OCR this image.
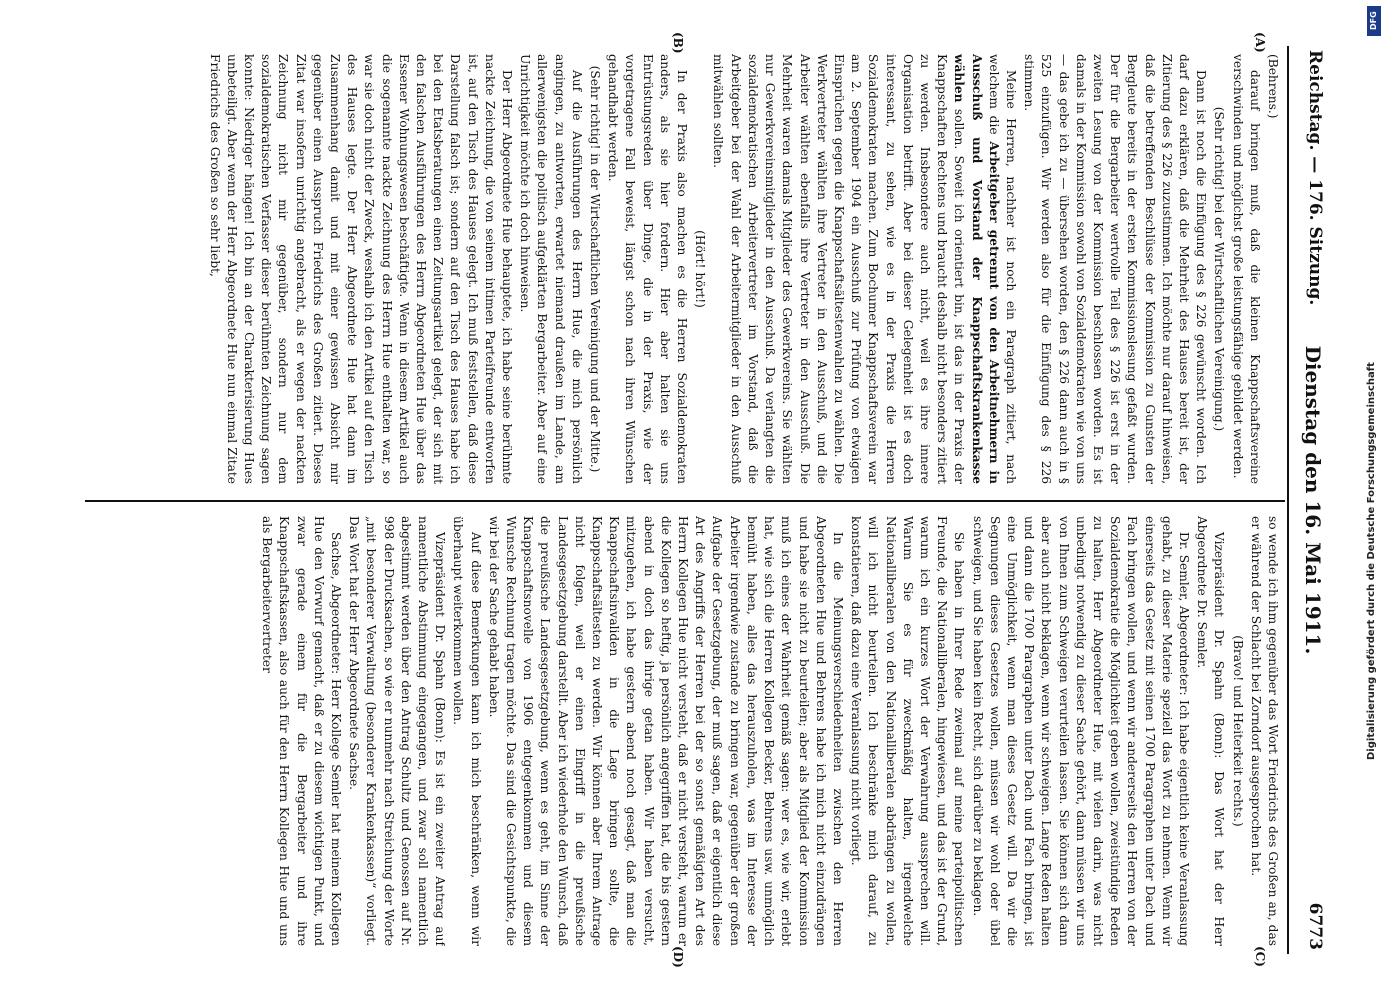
Reichstag. — 176. Sitzung.
Dienstag den 16. Mai 1911.
6773
(A)
(B)
(C)
(D)

(Behrens.)

darauf bringen muß, daß die kleinen Knappschaftsvereine verschwinden und möglichst große leistungsfähige gebildet werden.

(Sehr richtig! bei der Wirtschaftlichen Vereinigung.)

Dann ist noch die Einfügung des § 226 gewünscht worden. Ich darf dazu erklären, daß die Mehrheit des Hauses bereit ist, der Zitierung des § 226 zuzustimmen. Ich möchte nur darauf hinweisen, daß die betreffenden Beschlüsse der Kommission zu Gunsten der Bergleute bereits in der ersten Kommissionslesung gefaßt wurden. Der für die Bergarbeiter wertvolle Teil des § 226 ist erst in der zweiten Lesung von der Kommission beschlossen worden. Es ist damals in der Kommission sowohl von Sozialdemokraten wie von uns — das gebe ich zu — übersehen worden, den § 226 dann auch in § 525 einzufügen. Wir werden also für die Einfügung des § 226 stimmen.

Meine Herren, nachher ist noch ein Paragraph zitiert, nach welchem die Arbeitgeber getrennt von den Arbeitnehmern in Ausschuß und Vorstand der Knappschaftskrankenkasse wählen sollen. Soweit ich orientiert bin, ist das in der Praxis der Knappschaften Rechtens und braucht deshalb nicht besonders zitiert zu werden. Insbesondere auch nicht, weil es ihre innere Organisation betrifft. Aber bei dieser Gelegenheit ist es doch interessant, zu sehen, wie es in der Praxis die Herren Sozialdemokraten machen. Zum Bochumer Knappschaftsverein war am 2. September 1904 ein Ausschuß zur Prüfung von etwaigen Einsprüchen gegen die Knappschaftsältestenwahlen zu wählen. Die Werkvertreter wählten ihre Vertreter in den Ausschuß, und die Arbeiter wählten ebenfalls ihre Vertreter in den Ausschuß. Die Mehrheit waren damals Mitglieder des Gewerkvereins. Sie wählten nur Gewerkvereinsmitglieder in den Ausschuß. Da verlangten die sozialdemokratischen Arbeitervertreter im Vorstand, daß die Arbeitgeber bei der Wahl der Arbeitermitglieder in den Ausschuß mitwählen sollten.

(Hört! hört!)

In der Praxis also machen es die Herren Sozialdemokraten anders, als sie hier fordern. Hier aber halten sie uns Entrüstungsreden über Dinge, die in der Praxis, wie der vorgetragene Fall beweist, längst schon nach ihren Wünschen gehandhabt werden.

(Sehr richtig! in der Wirtschaftlichen Vereinigung und der Mitte.)

Auf die Ausführungen des Herrn Hue, die mich persönlich angingen, zu antworten, erwartet niemand draußen im Lande, am allerwenigsten die politisch aufgeklärten Bergarbeiter. Aber auf eine Unrichtigkeit möchte ich doch hinweisen.

Der Herr Abgeordnete Hue behauptete, ich habe seine berühmte nackte Zeichnung, die von seinem intimen Parteifreunde entworfen ist, auf den Tisch des Hauses gelegt. Ich muß feststellen, daß diese Darstellung falsch ist; sondern auf den Tisch des Hauses habe ich bei den Etatsberatungen einen Zeitungsartikel gelegt, der sich mit den falschen Ausführungen des Herrn Abgeordneten Hue über das Essener Wohnungswesen beschäftigte. Wenn in diesem Artikel auch die sogenannte nackte Zeichnung des Herrn Hue enthalten war, so war sie doch nicht der Zweck, weshalb ich den Artikel auf den Tisch des Hauses legte. Der Herr Abgeordnete Hue hat dann im Zusammenhang damit und mit einer gewissen Absicht mir gegenüber einen Ausspruch Friedrichs des Großen zitiert. Dieses Zitat war insofern unrichtig angebracht, als er wegen der nackten Zeichnung nicht mir gegenüber, sondern nur dem sozialdemokratischen Verfasser dieser berühmten Zeichnung sagen konnte: Niedriger hängen! Ich bin an der Charakterisierung Hues unbeteiligt. Aber wenn der Herr Abgeordnete Hue nun einmal Zitate Friedrichs des Großen so sehr liebt,

so wende ich ihm gegenüber das Wort Friedrichs des Großen an, das er während der Schlacht bei Zorndorf ausgesprochen hat.

(Bravo! und Heiterkeit rechts.)

Vizepräsident Dr. Spahn (Bonn): Das Wort hat der Herr Abgeordnete Dr. Semler.

Dr. Semler, Abgeordneter: Ich habe eigentlich keine Veranlassung gehabt, zu dieser Materie speziell das Wort zu nehmen. Wenn wir einerseits das Gesetz mit seinen 1700 Paragraphen unter Dach und Fach bringen wollen, und wenn wir andererseits den Herren von der Sozialdemokratie die Möglichkeit geben wollen, zweistündige Reden zu halten, Herr Abgeordneter Hue, mit vielen darin, was nicht unbedingt notwendig zu dieser Sache gehört, dann müssen wir uns von Ihnen zum Schweigen verurteilen lassen. Sie können sich dann aber auch nicht beklagen, wenn wir schweigen. Lange Reden halten und dann die 1700 Paragraphen unter Dach und Fach bringen, ist eine Unmöglichkeit, wenn man dieses Gesetz will. Da wir die Segnungen dieses Gesetzes wollen, müssen wir wohl oder übel schweigen, und Sie haben kein Recht, sich darüber zu beklagen.

Sie haben in Ihrer Rede zweimal auf meine parteipolitischen Freunde, die Nationalliberalen, hingewiesen, und das ist der Grund, warum ich ein kurzes Wort der Verwahrung aussprechen will. Warum Sie es für zweckmäßig halten, irgendwelche Nationalliberalen von den Nationalliberalen abdrängen zu wollen, will ich nicht beurteilen. Ich beschränke mich darauf, zu konstatieren, daß dazu eine Veranlassung nicht vorliegt.

In die Meinungsverschiedenheiten zwischen den Herren Abgeordneten Hue und Behrens habe ich mich nicht einzudrängen und habe sie nicht zu beurteilen; aber als Mitglied der Kommission muß ich eines der Wahrheit gemäß sagen: wer es, wie wir, erlebt hat, wie sich die Herren Kollegen Becker, Behrens usw. unmöglich bemüht haben, alles das herauszuholen, was im Interesse der Arbeiter irgendwie zustande zu bringen war, gegenüber der großen Aufgabe der Gesetzgebung, der muß sagen, daß er eigentlich diese Art des Angriffs der Herren bei der so sonst gemäßigten Art des Herrn Kollegen Hue nicht versteht, daß er nicht versteht, warum er die Kollegen so heftig, ja persönlich angegriffen hat, die bis gestern abend in doch das ihrige getan haben. Wir haben versucht, mitzugehen, ich habe gestern abend noch gesagt, daß man die Knappschaftsinvaliden in die Lage bringen sollte, die Knappschaftsältesten zu werden. Wir können aber Ihrem Antrage nicht folgen, weil er einen Eingriff in die preußische Landesgesetzgebung darstellt. Aber ich wiederhole den Wunsch, daß die preußische Landesgesetzgebung, wenn es geht, im Sinne der Knappschaftsnovelle von 1906 entgegenkommen und diesem Wunsche Rechnung tragen möchte. Das sind die Gesichtspunkte, die wir bei der Sache gehabt haben.

Auf diese Bemerkungen kann ich mich beschränken, wenn wir überhaupt weiterkommen wollen.

Vizepräsident Dr. Spahn (Bonn): Es ist ein zweiter Antrag auf namentliche Abstimmung eingegangen, und zwar soll namentlich abgestimmt werden über den Antrag Schultz und Genossen auf Nr. 998 der Drucksachen, so wie er nunmehr nach Streichung der Worte „mit besonderer Verwaltung (besonderer Krankenkassen)“ vorliegt. Das Wort hat der Herr Abgeordnete Sachse.

Sachse, Abgeordneter: Herr Kollege Semler hat meinem Kollegen Hue den Vorwurf gemacht, daß er zu diesem wichtigen Punkt, und zwar gerade einem für die Bergarbeiter und ihre Knappschaftskassen, also auch für den Herrn Kollegen Hue und uns als Bergarbeitervertreter

DFG
Digitalisierung gefördert durch die Deutsche Forschungsgemeinschaft
